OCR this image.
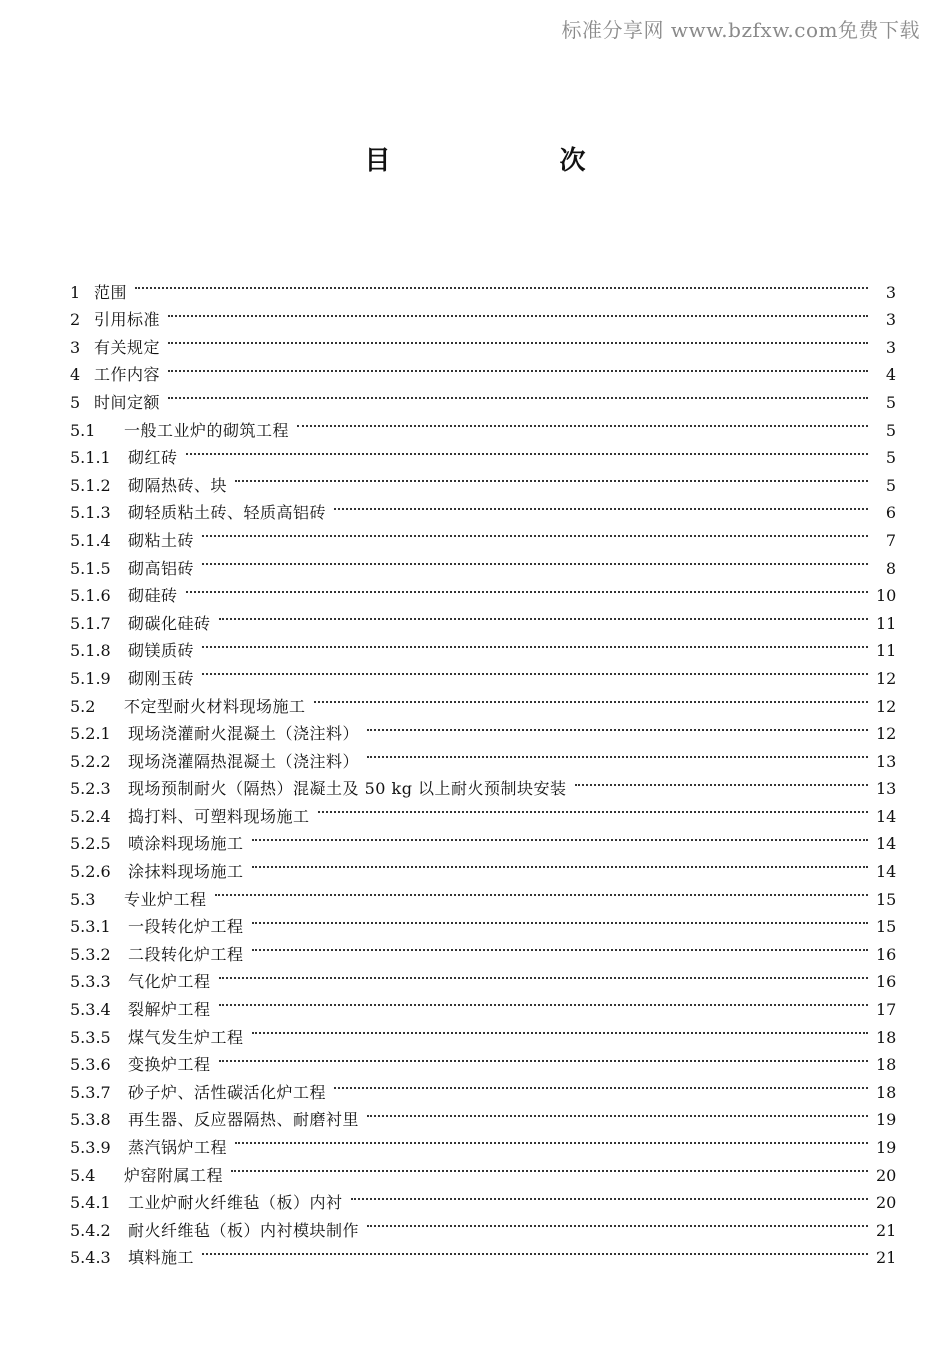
标准分享网 www.bzfxw.com免费下载
目 次
1 范围	3
2 引用标准	3
3 有关规定	3
4 工作内容	4
5 时间定额	5
5.1	一般工业炉的砌筑工程	5
5.1.1	砌红砖	5
5.1.2	砌隔热砖、块	5
5.1.3	砌轻质粘土砖、轻质高铝砖	6
5.1.4	砌粘土砖	7
5.1.5	砌高铝砖	8
5.1.6	砌硅砖	10
5.1.7	砌碳化硅砖	11
5.1.8	砌镁质砖	11
5.1.9	砌刚玉砖	12
5.2	不定型耐火材料现场施工	12
5.2.1	现场浇灌耐火混凝土（浇注料）	12
5.2.2	现场浇灌隔热混凝土（浇注料）	13
5.2.3	现场预制耐火（隔热）混凝土及 50 kg 以上耐火预制块安装	13
5.2.4	捣打料、可塑料现场施工	14
5.2.5	喷涂料现场施工	14
5.2.6	涂抹料现场施工	14
5.3	专业炉工程	15
5.3.1	一段转化炉工程	15
5.3.2	二段转化炉工程	16
5.3.3	气化炉工程	16
5.3.4	裂解炉工程	17
5.3.5	煤气发生炉工程	18
5.3.6	变换炉工程	18
5.3.7	砂子炉、活性碳活化炉工程	18
5.3.8	再生器、反应器隔热、耐磨衬里	19
5.3.9	蒸汽锅炉工程	19
5.4	炉窑附属工程	20
5.4.1	工业炉耐火纤维毡（板）内衬	20
5.4.2	耐火纤维毡（板）内衬模块制作	21
5.4.3	填料施工	21
